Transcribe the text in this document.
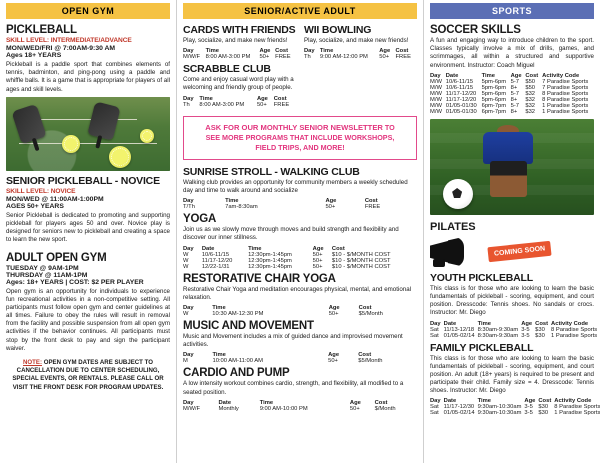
OPEN GYM
PICKLEBALL
SKILL LEVEL: INTERMEDIATE/ADVANCE
MON/WED/FRI @ 7:00AM-9:30 AM
Ages 18+ YEARS
Pickleball is a paddle sport that combines elements of tennis, badminton, and ping-pong using a paddle and whiffle balls. It is a game that is appropriate for players of all ages and skill levels.
SENIOR PICKLEBALL - NOVICE
SKILL LEVEL: NOVICE
MON/WED @ 11:00AM-1:00PM
AGES 50+ YEARS
Senior Pickleball is dedicated to promoting and supporting pickleball for players ages 50 and over. Novice play is designed for seniors new to pickleball and creating a space to learn the new sport.
ADULT OPEN GYM
TUESDAY @ 9AM-1PM
THURSDAY @ 11AM-1PM
Ages: 18+ YEARS | COST: $2 PER PLAYER
Open gym is an opportunity for individuals to experience fun recreational activities in a non-competitive setting. All participants must follow open gym and center guidelines at all times. Failure to obey the rules will result in removal from the facility and possible suspension from all open gym activities if the behavior continues. All participants must stop by the front desk to pay and sign the participant waiver.
NOTE: OPEN GYM DATES ARE SUBJECT TO CANCELLATION DUE TO CENTER SCHEDULING, SPECIAL EVENTS, OR RENTALS. PLEASE CALL OR VISIT THE FRONT DESK FOR PROGRAM UPDATES.
SENIOR/ACTIVE ADULT
CARDS WITH FRIENDS
Play, socialize, and make new friends!
Day	Time	Age	Cost
M/W/F	8:00 AM-3:00 PM	50+	FREE
SCRABBLE CLUB
Come and enjoy casual word play with a welcoming and friendly group of people.
Day	Time	Age	Cost
Th	8:00 AM-3:00 PM	50+	FREE
WII BOWLING
Play, socialize, and make new friends!
Day	Time	Age	Cost
Th	9:00 AM-12:00 PM	50+	FREE
ASK FOR OUR MONTHLY SENIOR NEWSLETTER TO
SEE MORE PROGRAMS THAT INCLUDE WORKSHOPS,
FIELD TRIPS, AND MORE!
SUNRISE STROLL - WALKING CLUB
Walking club provides an opportunity for community members a weekly scheduled day and time to walk around and socialize
Day	Time	Age	Cost
T/Th	7am-8:30am	50+	FREE
YOGA
Join us as we slowly move through moves and build strength and flexibility and discover our inner stillness.
Day	Date	Time	Age	Cost
W	10/6-11/15	12:30pm-1:45pm	50+	$10 - $/MONTH COST
W	11/17-12/20	12:30pm-1:45pm	50+	$10 - $/MONTH COST
W	12/22-1/31	12:30pm-1:45pm	50+	$10 - $/MONTH COST
RESTORATIVE CHAIR YOGA
Restorative Chair Yoga and meditation encourages physical, mental, and emotional relaxation.
Day	Time	Age	Cost
W	10:30 AM-12:30 PM	50+	$5/Month
MUSIC AND MOVEMENT
Music and Movement includes a mix of guided dance and improvised movement activities.
Day	Time	Age	Cost
M	10:00 AM-11:00 AM	50+	$5/Month
CARDIO AND PUMP
A low intensity workout combines cardio, strength, and flexibility, all modified to a seated position.
Day	Date	Time	Age	Cost
M/W/F	Monthly	9:00 AM-10:00 PM	50+	$/Month
SPORTS
SOCCER SKILLS
A fun and engaging way to introduce children to the sport. Classes typically involve a mix of drills, games, and scrimmages, all within a structured and supportive environment. Instructor: Coach Miguel
Day	Date	Time	Age	Cost	Activity Code
M/W	10/6-11/15	5pm-6pm	5-7	$50	7 Paradise Sports
M/W	10/6-11/15	5pm-6pm	8+	$50	7 Paradise Sports
M/W	11/17-12/20	5pm-6pm	5-7	$32	8 Paradise Sports
M/W	11/17-12/20	5pm-6pm	8+	$32	8 Paradise Sports
M/W	01/05-01/30	6pm-7pm	5-7	$32	1 Paradise Sports
M/W	01/05-01/30	6pm-7pm	8+	$32	1 Paradise Sports
PILATES
COMING SOON
YOUTH PICKLEBALL
This class is for those who are looking to learn the basic fundamentals of pickleball - scoring, equipment, and court position. Dresscode: Tennis shoes. No sandals or crocs. Instructor: Mr. Diego
Day	Date	Time	Age	Cost	Activity Code
Sat	11/13-12/18	8:30am-9:30am	3-5	$30	8 Paradise Sports
Sat	01/05-02/14	8:30am-9:30am	3-5	$30	1 Paradise Sports
FAMILY PICKLEBALL
This class is for those who are looking to learn the basic fundamentals of pickleball - scoring, equipment, and court position. An adult (18+ years) is required to be present and participate their child. Family size = 4. Dresscode: Tennis shoes. Instructor: Mr. Diego
Day	Date	Time	Age	Cost	Activity Code
Sat	11/17-12/30	9:30am-10:30am	3-5	$30	8 Paradise Sports
Sat	01/05-02/14	9:30am-10:30am	3-5	$30	1 Paradise Sports
